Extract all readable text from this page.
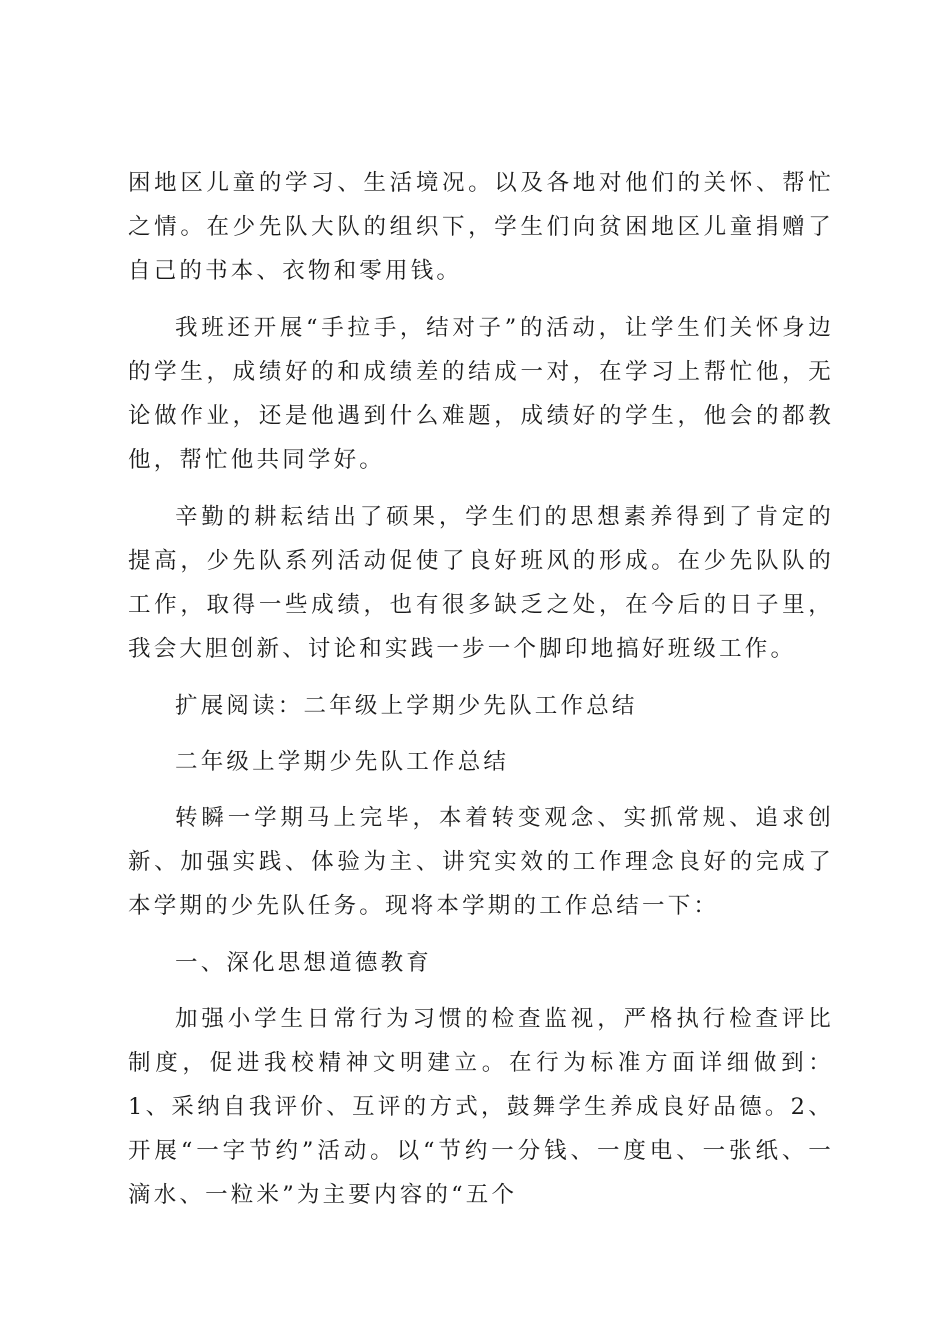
困地区儿童的学习、生活境况。以及各地对他们的关怀、帮忙之情。在少先队大队的组织下，学生们向贫困地区儿童捐赠了自己的书本、衣物和零用钱。

我班还开展“手拉手，结对子”的活动，让学生们关怀身边的学生，成绩好的和成绩差的结成一对，在学习上帮忙他，无论做作业，还是他遇到什么难题，成绩好的学生，他会的都教他，帮忙他共同学好。

辛勤的耕耘结出了硕果，学生们的思想素养得到了肯定的提高，少先队系列活动促使了良好班风的形成。在少先队队的工作，取得一些成绩，也有很多缺乏之处，在今后的日子里，我会大胆创新、讨论和实践一步一个脚印地搞好班级工作。

扩展阅读：二年级上学期少先队工作总结

二年级上学期少先队工作总结

转瞬一学期马上完毕，本着转变观念、实抓常规、追求创新、加强实践、体验为主、讲究实效的工作理念良好的完成了本学期的少先队任务。现将本学期的工作总结一下：

一、深化思想道德教育

加强小学生日常行为习惯的检查监视，严格执行检查评比制度，促进我校精神文明建立。在行为标准方面详细做到：1、采纳自我评价、互评的方式，鼓舞学生养成良好品德。2、开展“一字节约”活动。以“节约一分钱、一度电、一张纸、一滴水、一粒米”为主要内容的“五个
